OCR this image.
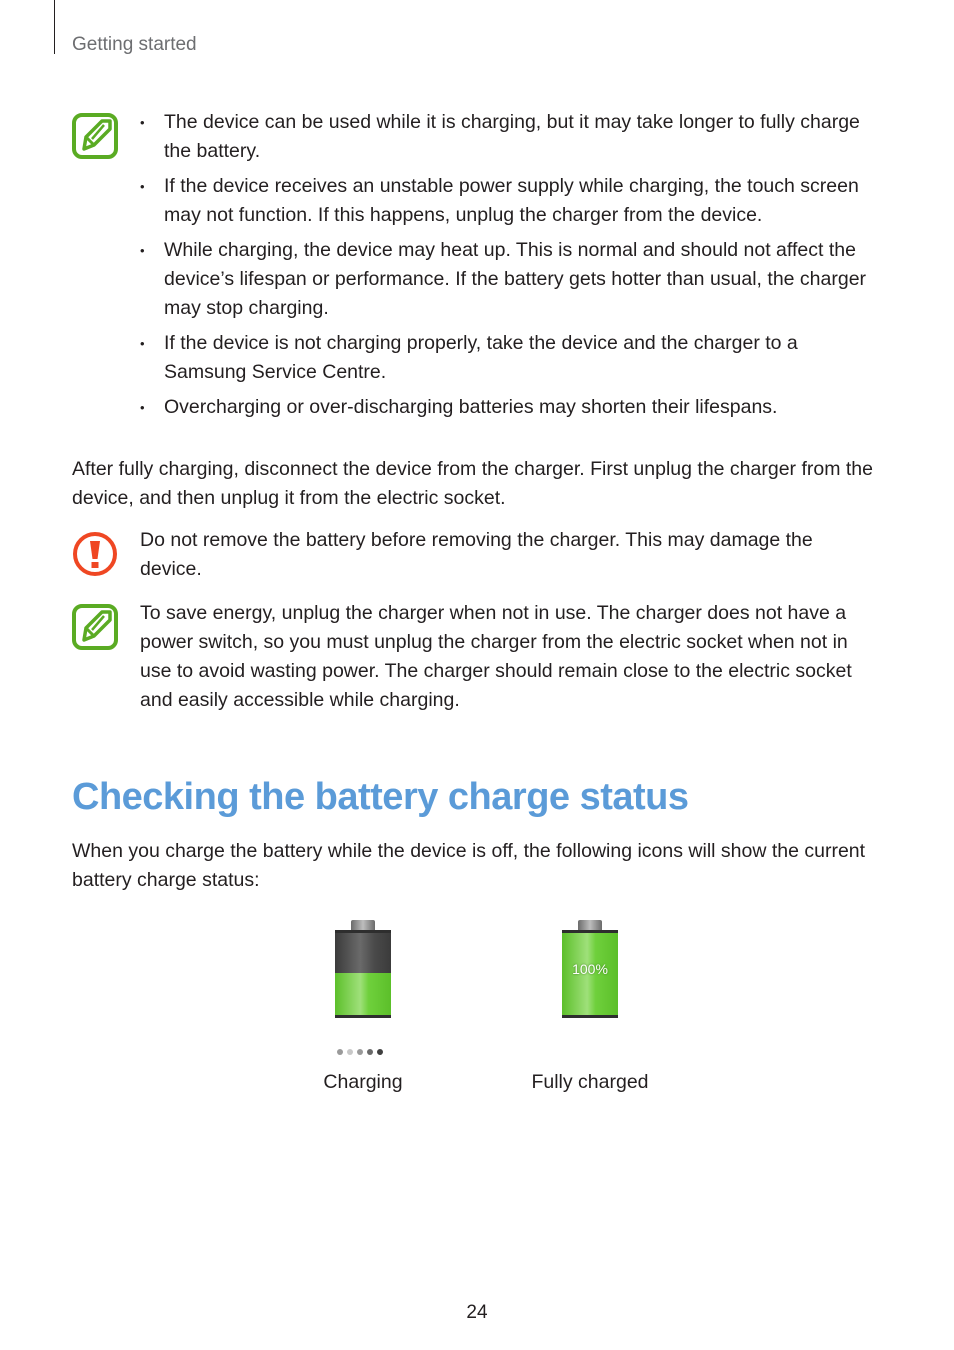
Getting started
• The device can be used while it is charging, but it may take longer to fully charge the battery.
• If the device receives an unstable power supply while charging, the touch screen may not function. If this happens, unplug the charger from the device.
• While charging, the device may heat up. This is normal and should not affect the device’s lifespan or performance. If the battery gets hotter than usual, the charger may stop charging.
• If the device is not charging properly, take the device and the charger to a Samsung Service Centre.
• Overcharging or over-discharging batteries may shorten their lifespans.
After fully charging, disconnect the device from the charger. First unplug the charger from the device, and then unplug it from the electric socket.
Do not remove the battery before removing the charger. This may damage the device.
To save energy, unplug the charger when not in use. The charger does not have a power switch, so you must unplug the charger from the electric socket when not in use to avoid wasting power. The charger should remain close to the electric socket and easily accessible while charging.
Checking the battery charge status
When you charge the battery while the device is off, the following icons will show the current battery charge status:
Charging
100%
Fully charged
24
